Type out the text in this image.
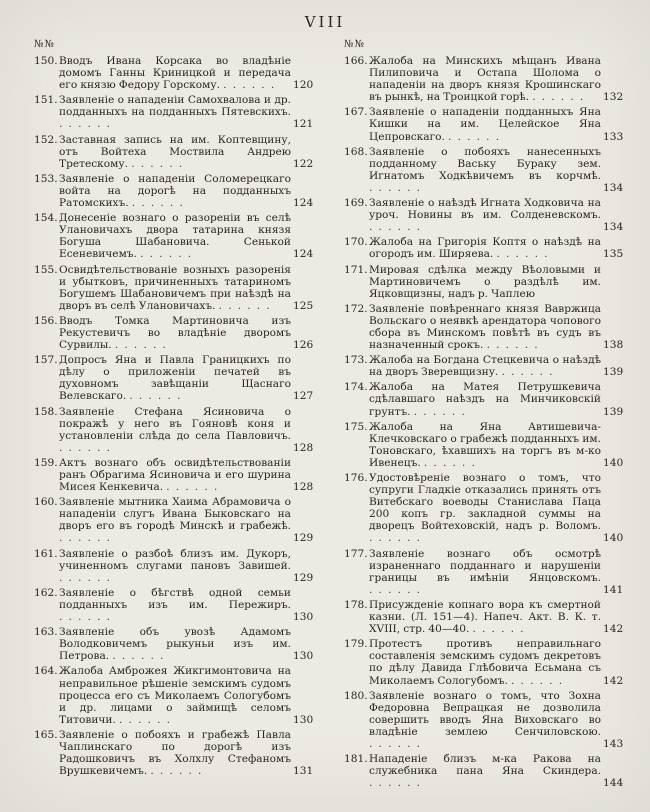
VIII
№№
150.Вводъ Ивана Корсака во владѣніе домомъ Ганны Криницкой и передача его князю Федору Горскому. . . . . . . 120
151.Заявленіе о нападеніи Самохвалова и др. подданныхъ на подданныхъ Пятевскихъ. . . . . . .	121
152.Заставная запись на им. Коптевщину, отъ Войтеха Моствила Андрею Третескому. . . . . . .	122
153.Заявленіе о нападеніи Соломерецкаго войта на дорогѣ на подданныхъ Ратомскихъ. . . . . . .	124
154.Донесеніе вознаго о разореніи въ селѣ Улановичахъ двора татарина князя Богуша Шабановича. Сенькой Есеневичемъ. . . . . . .	124
155.Освидѣтельствованіе возныхъ разоренія и убытковъ, причиненныхъ татариномъ Богушемъ Шабановичемъ при наѣздѣ на дворъ въ селѣ Улановичахъ. . . . . . . 125
156.Вводъ Томка Мартиновича изъ Рекустевичъ во владѣніе дворомъ Сурвилы. . . . . . .	126
157.Допросъ Яна и Павла Границкихъ по дѣлу о приложеніи печатей въ духовномъ завѣщаніи Щаснаго Велевскаго. . . . . . .	127
158.Заявленіе Стефана Ясиновича о покражѣ у него въ Гояновѣ коня и установленіи слѣда до села Павловичъ. . . . . . .	128
159.Актъ вознаго объ освидѣтельствованіи ранъ Обрагима Ясиновича и его шурина Мисея Кенкевича. . . . . . .	128
160.Заявленіе мытника Хаима Абрамовича о нападеніи слугъ Ивана Быковскаго на дворъ его въ городѣ Минскѣ и грабежѣ. . . . . . .	129
161.Заявленіе о разбоѣ близъ им. Дукоръ, учиненномъ слугами пановъ Завишей. . . . . . .	129
162.Заявленіе о бѣгствѣ одной семьи подданныхъ изъ им. Пережиръ. . . . . . .	130
163.Заявленіе объ увозѣ Адамомъ Володковичемъ рыкуньи изъ им. Петрова. . . . . . .	130
164.Жалоба Амброжея Жикгимонтовича на неправильное рѣшеніе земскимъ судомъ процесса его съ Миколаемъ Сологубомъ и др. лицами о займищѣ селомъ Титовичи. . . . . . .	130
165.Заявленіе о побояхъ и грабежѣ Павла Чаплинскаго по дорогѣ изъ Радошковичъ въ Холхлу Стефаномъ Врушкевичемъ. . . . . . .	131
№№
166.Жалоба на Минскихъ мѣщанъ Ивана Пилиповича и Остапа Шолома о нападеніи на дворъ князя Крошинскаго въ рынкѣ, на Троицкой горѣ. . . . . . . 132
167.Заявленіе о нападеніи подданныхъ Яна Кишки на им. Целейское Яна Цепровскаго. . . . . . .	133
168.Заявленіе о побояхъ нанесенныхъ подданному Ваську Бураку зем. Игнатомъ Ходкѣвичемъ въ корчмѣ. . . . . . .	134
169.Заявленіе о наѣздѣ Игната Ходковича на уроч. Новины въ им. Солденевскомъ. . . . . . .	134
170.Жалоба на Григорія Коптя о наѣздѣ на огородъ им. Ширяева. . . . . . .	135
171.Мировая сдѣлка между Вѣоловыми и Мартиновичемъ о раздѣлѣ им. Яцковщизны, надъ р. Чаплею
172.Заявленіе повѣреннаго князя Вавржица Вольскаго о неявкѣ арендатора чопового сбора въ Минскомъ повѣтѣ въ судъ въ назначенный срокъ. . . . . . .	138
173.Жалоба на Богдана Стецкевича о наѣздѣ на дворъ Зверевщизну. . . . . . .	139
174.Жалоба на Матея Петрушкевича сдѣлавшаго наѣздъ на Минчиковскій грунтъ. . . . . . .	139
175.Жалоба на Яна Автишевича-Клечковскаго о грабежѣ подданныхъ им. Тоновскаго, ѣхавшихъ на торгъ въ м-ко Ивенецъ. . . . . . .	140
176.Удостовѣреніе вознаго о томъ, что супруги Гладкіе отказались принять отъ Витебскаго воеводы Станислава Паца 200 копъ гр. закладной суммы на дворецъ Войтеховскій, надъ р. Воломъ. . . . . . .	140
177.Заявленіе вознаго объ осмотрѣ израненнаго подданнаго и нарушеніи границы въ имѣніи Янцовскомъ. . . . . . .	141
178.Присужденіе копнаго вора къ смертной казни. (Л. 151—4). Напеч. Акт. В. К. т. XVIII, стр. 40—40. . . . . . .	142
179.Протестъ противъ неправильнаго составленія земскимъ судомъ декретовъ по дѣлу Давида Глѣбовича Есьмана съ Миколаемъ Сологубомъ. . . . . . .	142
180.Заявленіе вознаго о томъ, что Зохна Федоровна Вепрацкая не дозволила совершить вводъ Яна Виховскаго во владѣніе землею Сенчиловскою. . . . . . .	143
181.Нападеніе близъ м-ка Ракова на служебника пана Яна Скиндера. . . . . . .	144
